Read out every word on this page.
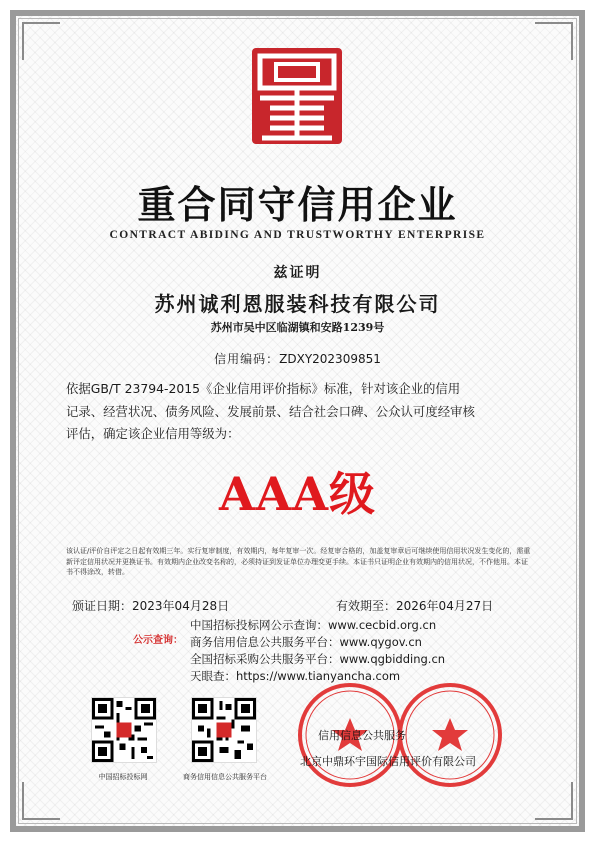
重合同守信用企业
CONTRACT ABIDING AND TRUSTWORTHY ENTERPRISE
兹证明
苏州诚利恩服装科技有限公司
苏州市吴中区临湖镇和安路1239号
信用编码：ZDXY202309851
依据GB/T 23794-2015《企业信用评价指标》标准，针对该企业的信用
记录、经营状况、债务风险、发展前景、结合社会口碑、公众认可度经审核
评估，确定该企业信用等级为：
AAA级
该认证/评价自评定之日起有效期三年。实行复审制度，有效期内，每年复审一次。经复审合格的，加盖复审章后可继续使用信用状况发生变化的，需重新评定信用状况并更换证书。有效期内企业改变名称的，必须持证到发证单位办理变更手续。本证书只证明企业有效期内的信用状况，不作他用。本证书不得涂改，转借。
颁证日期：2023年04月28日	有效期至：2026年04月27日
公示查询：
中国招标投标网公示查询：www.cecbid.org.cn
商务信用信息公共服务平台：www.qygov.cn
全国招标采购公共服务平台：www.qgbidding.cn
天眼查：https://www.tianyancha.com
中国招标投标网	商务信用信息公共服务平台
信用信息公共服务
北京中鼎环宇国际信用评价有限公司
